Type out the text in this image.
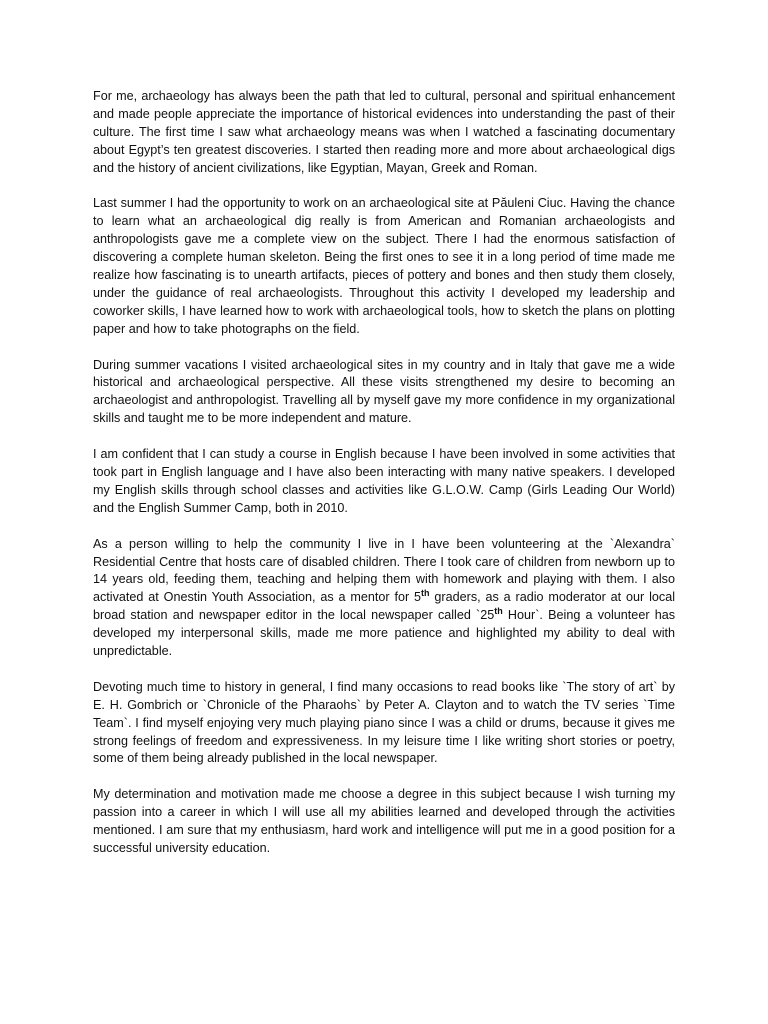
For me, archaeology has always been the path that led to cultural, personal and spiritual enhancement and made people appreciate the importance of historical evidences into understanding the past of their culture. The first time I saw what archaeology means was when I watched a fascinating documentary about Egypt’s ten greatest discoveries. I started then reading more and more about archaeological digs and the history of ancient civilizations, like Egyptian, Mayan, Greek and Roman.

Last summer I had the opportunity to work on an archaeological site at Păuleni Ciuc. Having the chance to learn what an archaeological dig really is from American and Romanian archaeologists and anthropologists gave me a complete view on the subject. There I had the enormous satisfaction of discovering a complete human skeleton. Being the first ones to see it in a long period of time made me realize how fascinating is to unearth artifacts, pieces of pottery and bones and then study them closely, under the guidance of real archaeologists. Throughout this activity I developed my leadership and coworker skills, I have learned how to work with archaeological tools, how to sketch the plans on plotting paper and how to take photographs on the field.

During summer vacations I visited archaeological sites in my country and in Italy that gave me a wide historical and archaeological perspective. All these visits strengthened my desire to becoming an archaeologist and anthropologist. Travelling all by myself gave my more confidence in my organizational skills and taught me to be more independent and mature.

I am confident that I can study a course in English because I have been involved in some activities that took part in English language and I have also been interacting with many native speakers. I developed my English skills through school classes and activities like G.L.O.W. Camp (Girls Leading Our World) and the English Summer Camp, both in 2010.

As a person willing to help the community I live in I have been volunteering at the `Alexandra` Residential Centre that hosts care of disabled children. There I took care of children from newborn up to 14 years old, feeding them, teaching and helping them with homework and playing with them. I also activated at Onestin Youth Association, as a mentor for 5th graders, as a radio moderator at our local broad station and newspaper editor in the local newspaper called `25th Hour`. Being a volunteer has developed my interpersonal skills, made me more patience and highlighted my ability to deal with unpredictable.

Devoting much time to history in general, I find many occasions to read books like `The story of art` by E. H. Gombrich or `Chronicle of the Pharaohs` by Peter A. Clayton and to watch the TV series `Time Team`. I find myself enjoying very much playing piano since I was a child or drums, because it gives me strong feelings of freedom and expressiveness. In my leisure time I like writing short stories or poetry, some of them being already published in the local newspaper.

My determination and motivation made me choose a degree in this subject because I wish turning my passion into a career in which I will use all my abilities learned and developed through the activities mentioned. I am sure that my enthusiasm, hard work and intelligence will put me in a good position for a successful university education.
